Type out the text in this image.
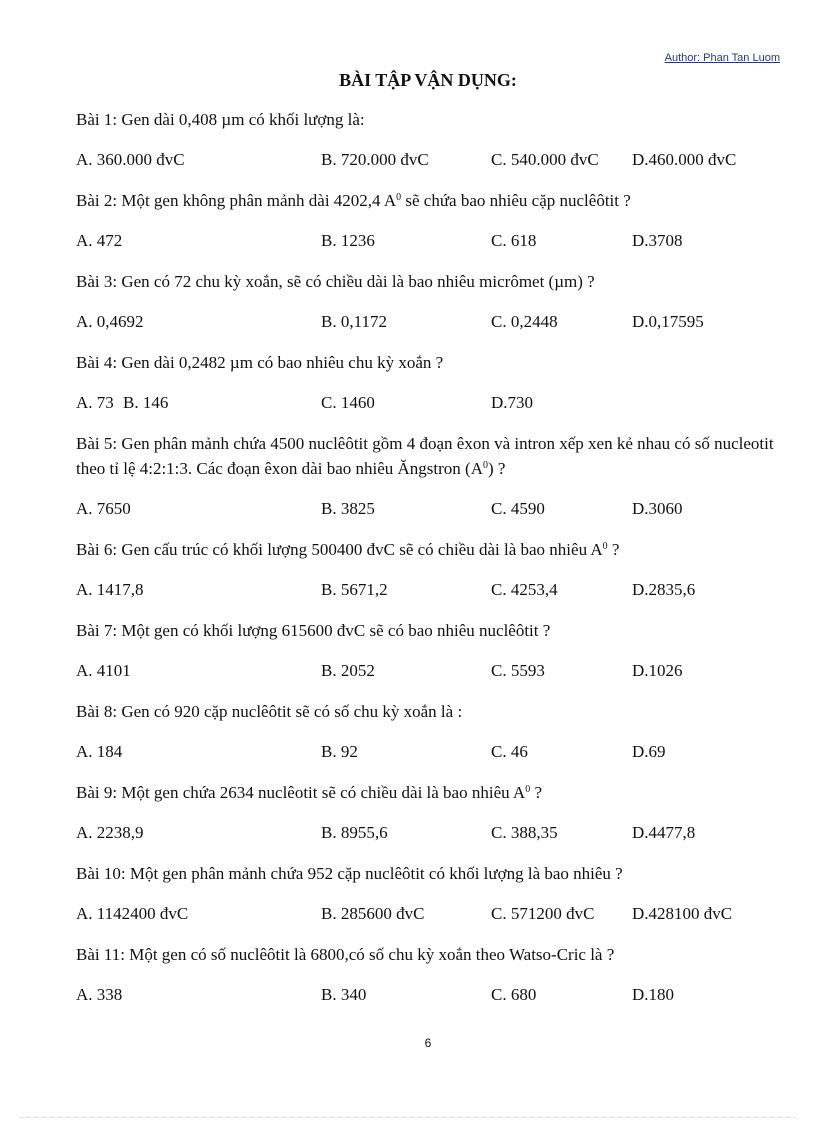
Author: Phan Tan Luom
BÀI TẬP VẬN DỤNG:
Bài 1: Gen dài 0,408 µm có khối lượng là:
A. 360.000 đvC	B. 720.000 đvC	C. 540.000 đvC D.460.000 đvC
Bài 2: Một gen không phân mảnh dài 4202,4 $A^0$ sẽ chứa bao nhiêu cặp nuclêôtit ?
A. 472	B. 1236	C. 618	D.3708
Bài 3: Gen có 72 chu kỳ xoắn, sẽ có chiều dài là bao nhiêu micrômet (µm) ?
A. 0,4692	B. 0,1172	C. 0,2448	D.0,17595
Bài 4: Gen dài 0,2482 µm có bao nhiêu chu kỳ xoắn ?
A. 73 B. 146	C. 1460	D.730
Bài 5: Gen phân mảnh chứa 4500 nuclêôtit gồm 4 đoạn êxon và intron xếp xen kẻ nhau có số nucleotit theo tỉ lệ 4:2:1:3. Các đoạn êxon dài bao nhiêu Ăngstron $(A^0)$ ?
A. 7650	B. 3825	C. 4590	D.3060
Bài 6: Gen cấu trúc có khối lượng 500400 đvC sẽ có chiều dài là bao nhiêu $A^0$ ?
A. 1417,8	B. 5671,2	C. 4253,4	D.2835,6
Bài 7: Một gen có khối lượng 615600 đvC sẽ có bao nhiêu nuclêôtit ?
A. 4101	B. 2052	C. 5593	D.1026
Bài 8: Gen có 920 cặp nuclêôtit sẽ có số chu kỳ xoắn là :
A. 184	B. 92	C. 46	D.69
Bài 9: Một gen chứa 2634 nuclêotit sẽ có chiều dài là bao nhiêu $A^0$ ?
A. 2238,9	B. 8955,6	C. 388,35	D.4477,8
Bài 10: Một gen phân mảnh chứa 952 cặp nuclêôtit có khối lượng là bao nhiêu ?
A. 1142400 đvC	B. 285600 đvC	C. 571200 đvC D.428100 đvC
Bài 11: Một gen có số nuclêôtit là 6800,có số chu kỳ xoắn theo Watso-Cric là ?
A. 338	B. 340	C. 680	D.180
6
